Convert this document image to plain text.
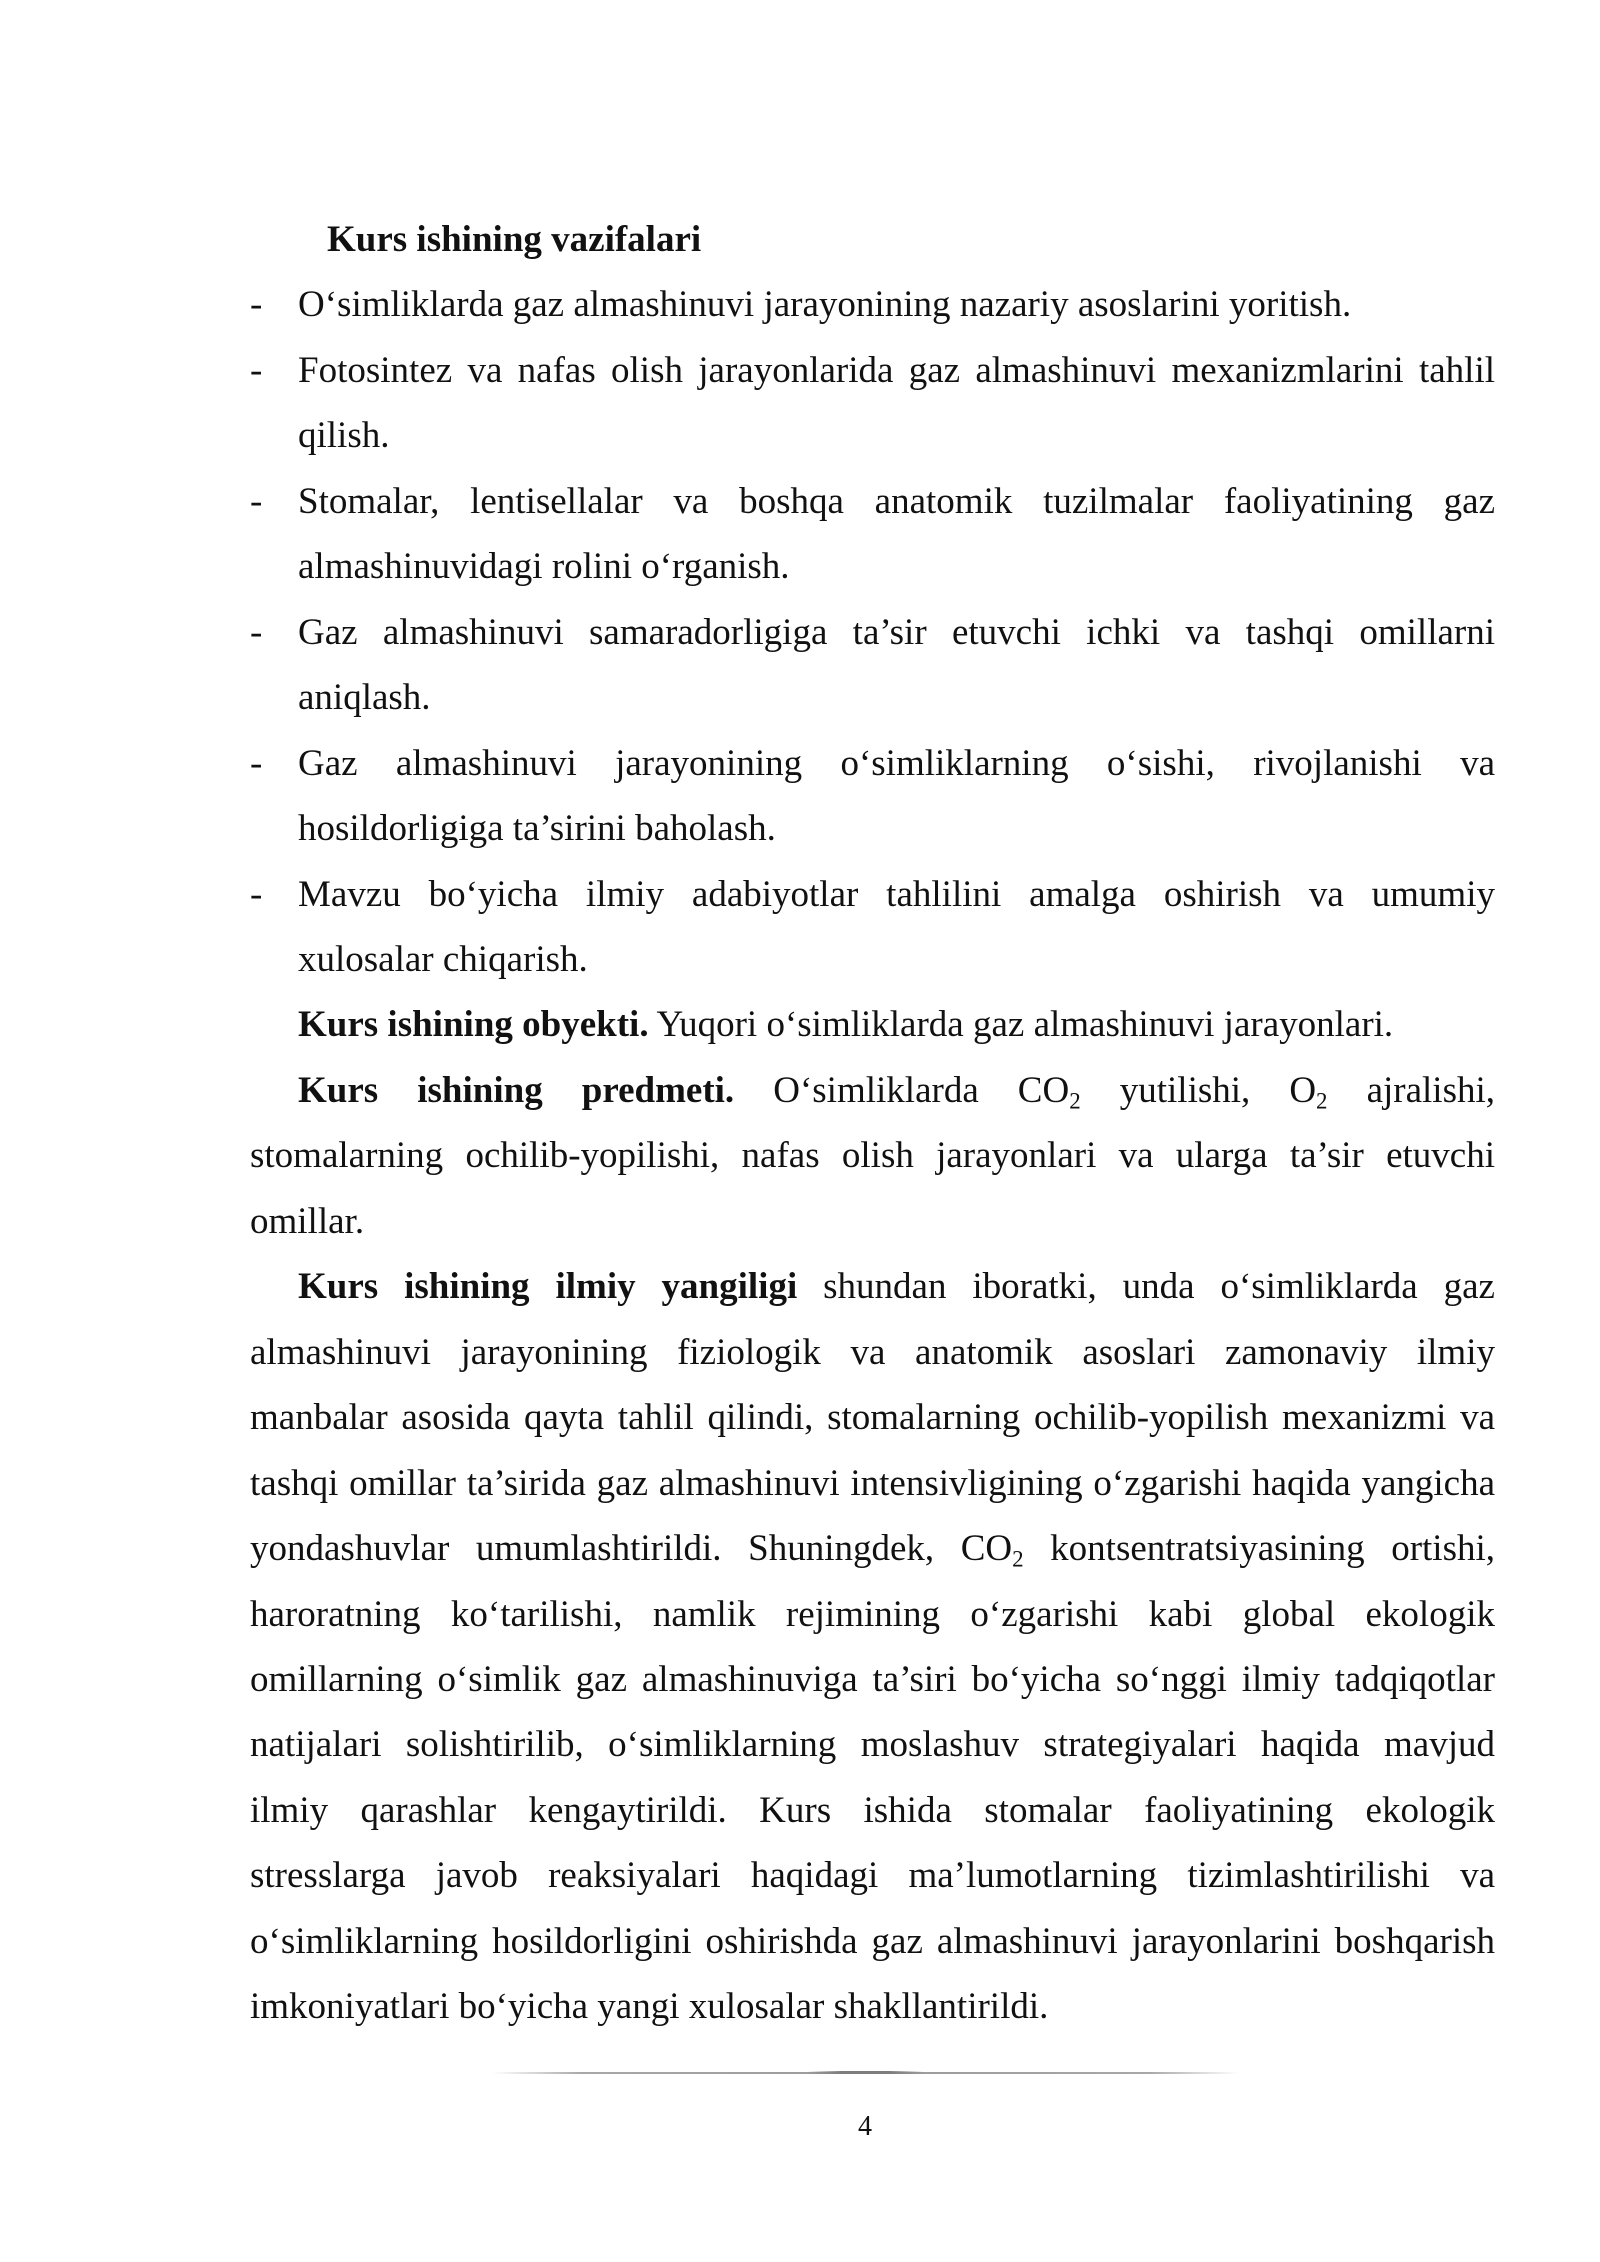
Kurs ishining vazifalari
- O‘simliklarda gaz almashinuvi jarayonining nazariy asoslarini yoritish.
- Fotosintez va nafas olish jarayonlarida gaz almashinuvi mexanizmlarini tahlil
qilish.
- Stomalar, lentisellalar va boshqa anatomik tuzilmalar faoliyatining gaz
almashinuvidagi rolini o‘rganish.
- Gaz almashinuvi samaradorligiga ta’sir etuvchi ichki va tashqi omillarni
aniqlash.
- Gaz almashinuvi jarayonining o‘simliklarning o‘sishi, rivojlanishi va
hosildorligiga ta’sirini baholash.
- Mavzu bo‘yicha ilmiy adabiyotlar tahlilini amalga oshirish va umumiy
xulosalar chiqarish.
Kurs ishining obyekti. Yuqori o‘simliklarda gaz almashinuvi jarayonlari.
Kurs ishining predmeti. O‘simliklarda $CO_2$ yutilishi, $O_2$ ajralishi,
stomalarning ochilib-yopilishi, nafas olish jarayonlari va ularga ta’sir etuvchi
omillar.
Kurs ishining ilmiy yangiligi shundan iboratki, unda o‘simliklarda gaz
almashinuvi jarayonining fiziologik va anatomik asoslari zamonaviy ilmiy
manbalar asosida qayta tahlil qilindi, stomalarning ochilib-yopilish mexanizmi va
tashqi omillar ta’sirida gaz almashinuvi intensivligining o‘zgarishi haqida yangicha
yondashuvlar umumlashtirildi. Shuningdek, $CO_2$ kontsentratsiyasining ortishi,
haroratning ko‘tarilishi, namlik rejimining o‘zgarishi kabi global ekologik
omillarning o‘simlik gaz almashinuviga ta’siri bo‘yicha so‘nggi ilmiy tadqiqotlar
natijalari solishtirilib, o‘simliklarning moslashuv strategiyalari haqida mavjud
ilmiy qarashlar kengaytirildi. Kurs ishida stomalar faoliyatining ekologik
stresslarga javob reaksiyalari haqidagi ma’lumotlarning tizimlashtirilishi va
o‘simliklarning hosildorligini oshirishda gaz almashinuvi jarayonlarini boshqarish
imkoniyatlari bo‘yicha yangi xulosalar shakllantirildi.
4
